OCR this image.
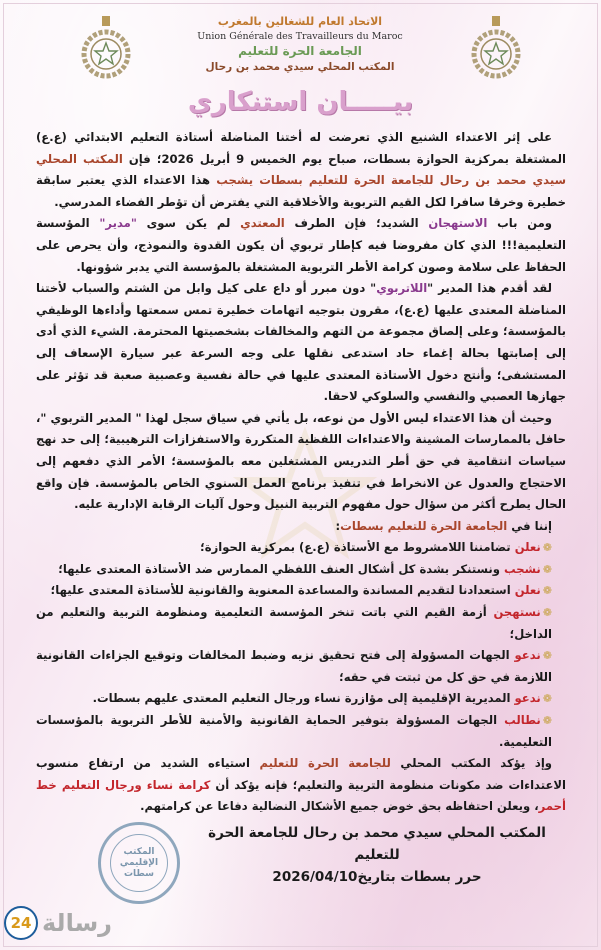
الاتحاد العام للشغالين بالمغرب
Union Générale des Travailleurs du Maroc
الجامعة الحرة للتعليم
المكتب المحلي سيدي محمد بن رحال
بيـــــان استنكاري

على إثر الاعتداء الشنيع الذي تعرضت له أختنا المناضلة أستاذة التعليم الابتدائي (ع.ع) المشتغلة بمركزية الحوازة بسطات، صباح يوم الخميس 9 أبريل 2026؛ فإن المكتب المحلي سيدي محمد بن رحال للجامعة الحرة للتعليم بسطات يشجب هذا الاعتداء الذي يعتبر سابقة خطيرة وخرقا سافرا لكل القيم التربوية والأخلاقية التي يفترض أن تؤطر الفضاء المدرسي.

ومن باب الاستهجان الشديد؛ فإن الطرف المعتدي لم يكن سوى "مدير" المؤسسة التعليمية!!! الذي كان مفروضا فيه كإطار تربوي أن يكون القدوة والنموذج، وأن يحرص على الحفاظ على سلامة وصون كرامة الأطر التربوية المشتغلة بالمؤسسة التي يدبر شؤونها.

لقد أقدم هذا المدير "اللاتربوي" دون مبرر أو داع على كيل وابل من الشتم والسباب لأختنا المناضلة المعتدى عليها (ع.ع)، مقرون بتوجيه اتهامات خطيرة تمس سمعتها وأداءها الوظيفي بالمؤسسة؛ وعلى إلصاق مجموعة من التهم والمخالفات بشخصيتها المحترمة. الشيء الذي أدى إلى إصابتها بحالة إغماء حاد استدعى نقلها على وجه السرعة عبر سيارة الإسعاف إلى المستشفى؛ وأنتج دخول الأستاذة المعتدى عليها في حالة نفسية وعصبية صعبة قد تؤثر على جهازها العصبي والنفسي والسلوكي لاحقا.

وحيث أن هذا الاعتداء ليس الأول من نوعه، بل يأتي في سياق سجل لهذا " المدير التربوي "، حافل بالممارسات المشينة والاعتداءات اللفظية المتكررة والاستفزازات الترهيبية؛ إلى حد نهج سياسات انتقامية في حق أطر التدريس المشتغلين معه بالمؤسسة؛ الأمر الذي دفعهم إلى الاحتجاج والعدول عن الانخراط في تنفيذ برنامج العمل السنوي الخاص بالمؤسسة. فإن واقع الحال يطرح أكثر من سؤال حول مفهوم التربية النبيل وحول آليات الرقابة الإدارية عليه.

إننا في الجامعة الحرة للتعليم بسطات:

❁نعلن تضامننا اللامشروط مع الأستاذة (ع.ع) بمركزية الحوازة؛

❁نشجب ونستنكر بشدة كل أشكال العنف اللفظي الممارس ضد الأستاذة المعتدى عليها؛

❁نعلن استعدادنا لتقديم المساندة والمساعدة المعنوية والقانونية للأستاذة المعتدى عليها؛

❁نستهجن أزمة القيم التي باتت تنخر المؤسسة التعليمية ومنظومة التربية والتعليم من الداخل؛

❁ندعو الجهات المسؤولة إلى فتح تحقيق نزيه وضبط المخالفات وتوقيع الجزاءات القانونية اللازمة في حق كل من ثبتت في حقه؛

❁ندعو المديرية الإقليمية إلى مؤازرة نساء ورجال التعليم المعتدى عليهم بسطات.

❁نطالب الجهات المسؤولة بتوفير الحماية القانونية والأمنية للأطر التربوية بالمؤسسات التعليمية.

وإذ يؤكد المكتب المحلي للجامعة الحرة للتعليم استياءه الشديد من ارتفاع منسوب الاعتداءات ضد مكونات منظومة التربية والتعليم؛ فإنه يؤكد أن كرامة نساء ورجال التعليم خط أحمر، ويعلن احتفاظه بحق خوض جميع الأشكال النضالية دفاعا عن كرامتهم.

المكتب الإقليمي سطات
المكتب المحلي سيدي محمد بن رحال للجامعة الحرة للتعليم
حرر بسطات بتاريخ2026/04/10
24 رسالة
